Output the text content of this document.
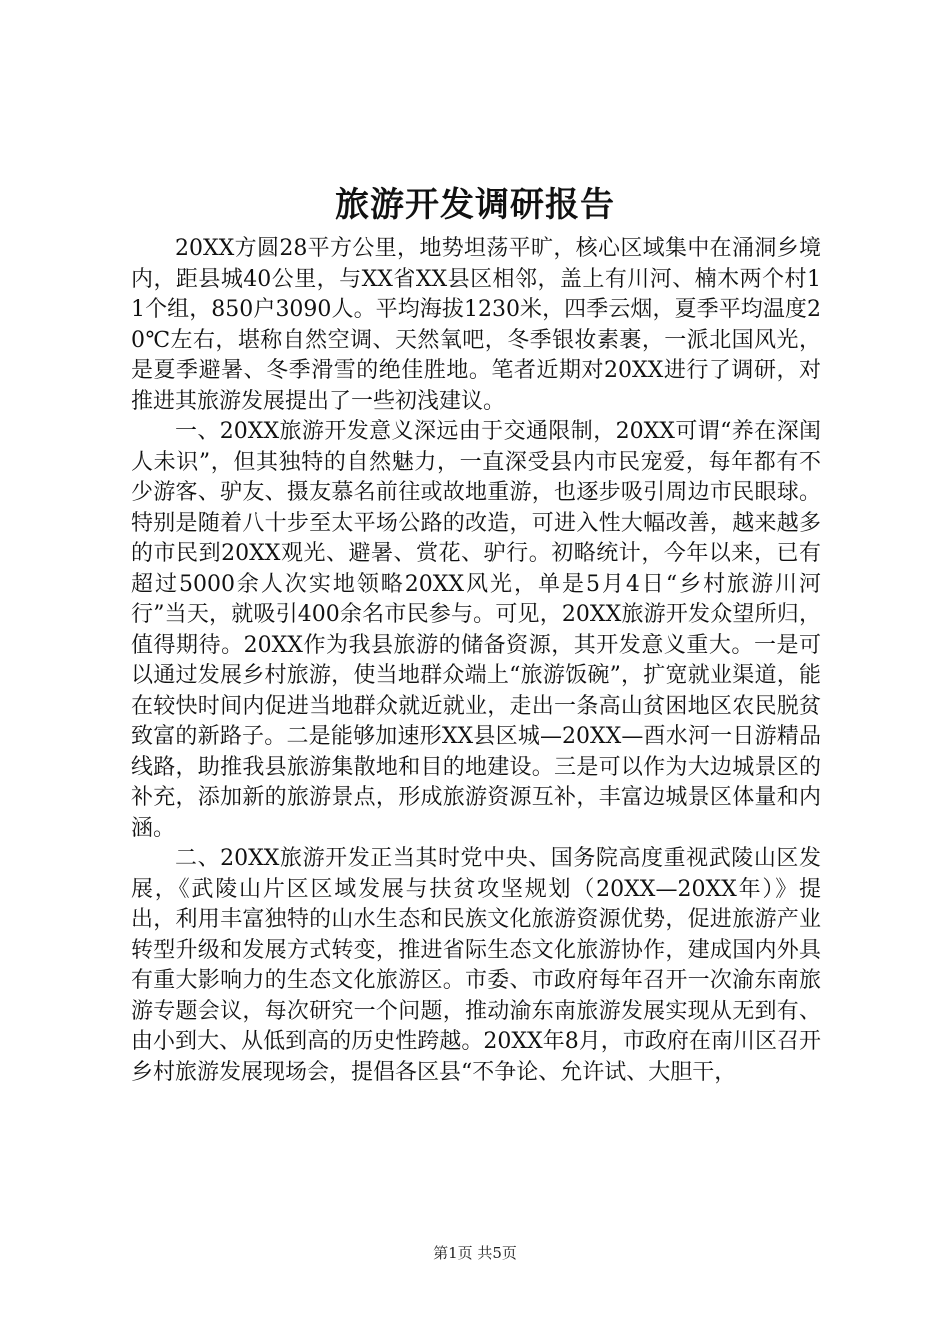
旅游开发调研报告

20XX方圆28平方公里，地势坦荡平旷，核心区域集中在涌洞乡境内，距县城40公里，与XX省XX县区相邻，盖上有川河、楠木两个村11个组，850户3090人。平均海拔1230米，四季云烟，夏季平均温度20℃左右，堪称自然空调、天然氧吧，冬季银妆素裹，一派北国风光，是夏季避暑、冬季滑雪的绝佳胜地。笔者近期对20XX进行了调研，对推进其旅游发展提出了一些初浅建议。

一、20XX旅游开发意义深远由于交通限制，20XX可谓“养在深闺人未识”，但其独特的自然魅力，一直深受县内市民宠爱，每年都有不少游客、驴友、摄友慕名前往或故地重游，也逐步吸引周边市民眼球。特别是随着八十步至太平场公路的改造，可进入性大幅改善，越来越多的市民到20XX观光、避暑、赏花、驴行。初略统计，今年以来，已有超过5000余人次实地领略20XX风光，单是5月4日“乡村旅游川河行”当天，就吸引400余名市民参与。可见，20XX旅游开发众望所归，值得期待。20XX作为我县旅游的储备资源，其开发意义重大。一是可以通过发展乡村旅游，使当地群众端上“旅游饭碗”，扩宽就业渠道，能在较快时间内促进当地群众就近就业，走出一条高山贫困地区农民脱贫致富的新路子。二是能够加速形XX县区城—20XX—酉水河一日游精品线路，助推我县旅游集散地和目的地建设。三是可以作为大边城景区的补充，添加新的旅游景点，形成旅游资源互补，丰富边城景区体量和内涵。

二、20XX旅游开发正当其时党中央、国务院高度重视武陵山区发展，《武陵山片区区域发展与扶贫攻坚规划（20XX—20XX年）》提出，利用丰富独特的山水生态和民族文化旅游资源优势，促进旅游产业转型升级和发展方式转变，推进省际生态文化旅游协作，建成国内外具有重大影响力的生态文化旅游区。市委、市政府每年召开一次渝东南旅游专题会议，每次研究一个问题，推动渝东南旅游发展实现从无到有、由小到大、从低到高的历史性跨越。20XX年8月，市政府在南川区召开乡村旅游发展现场会，提倡各区县“不争论、允许试、大胆干，

第1页 共5页
